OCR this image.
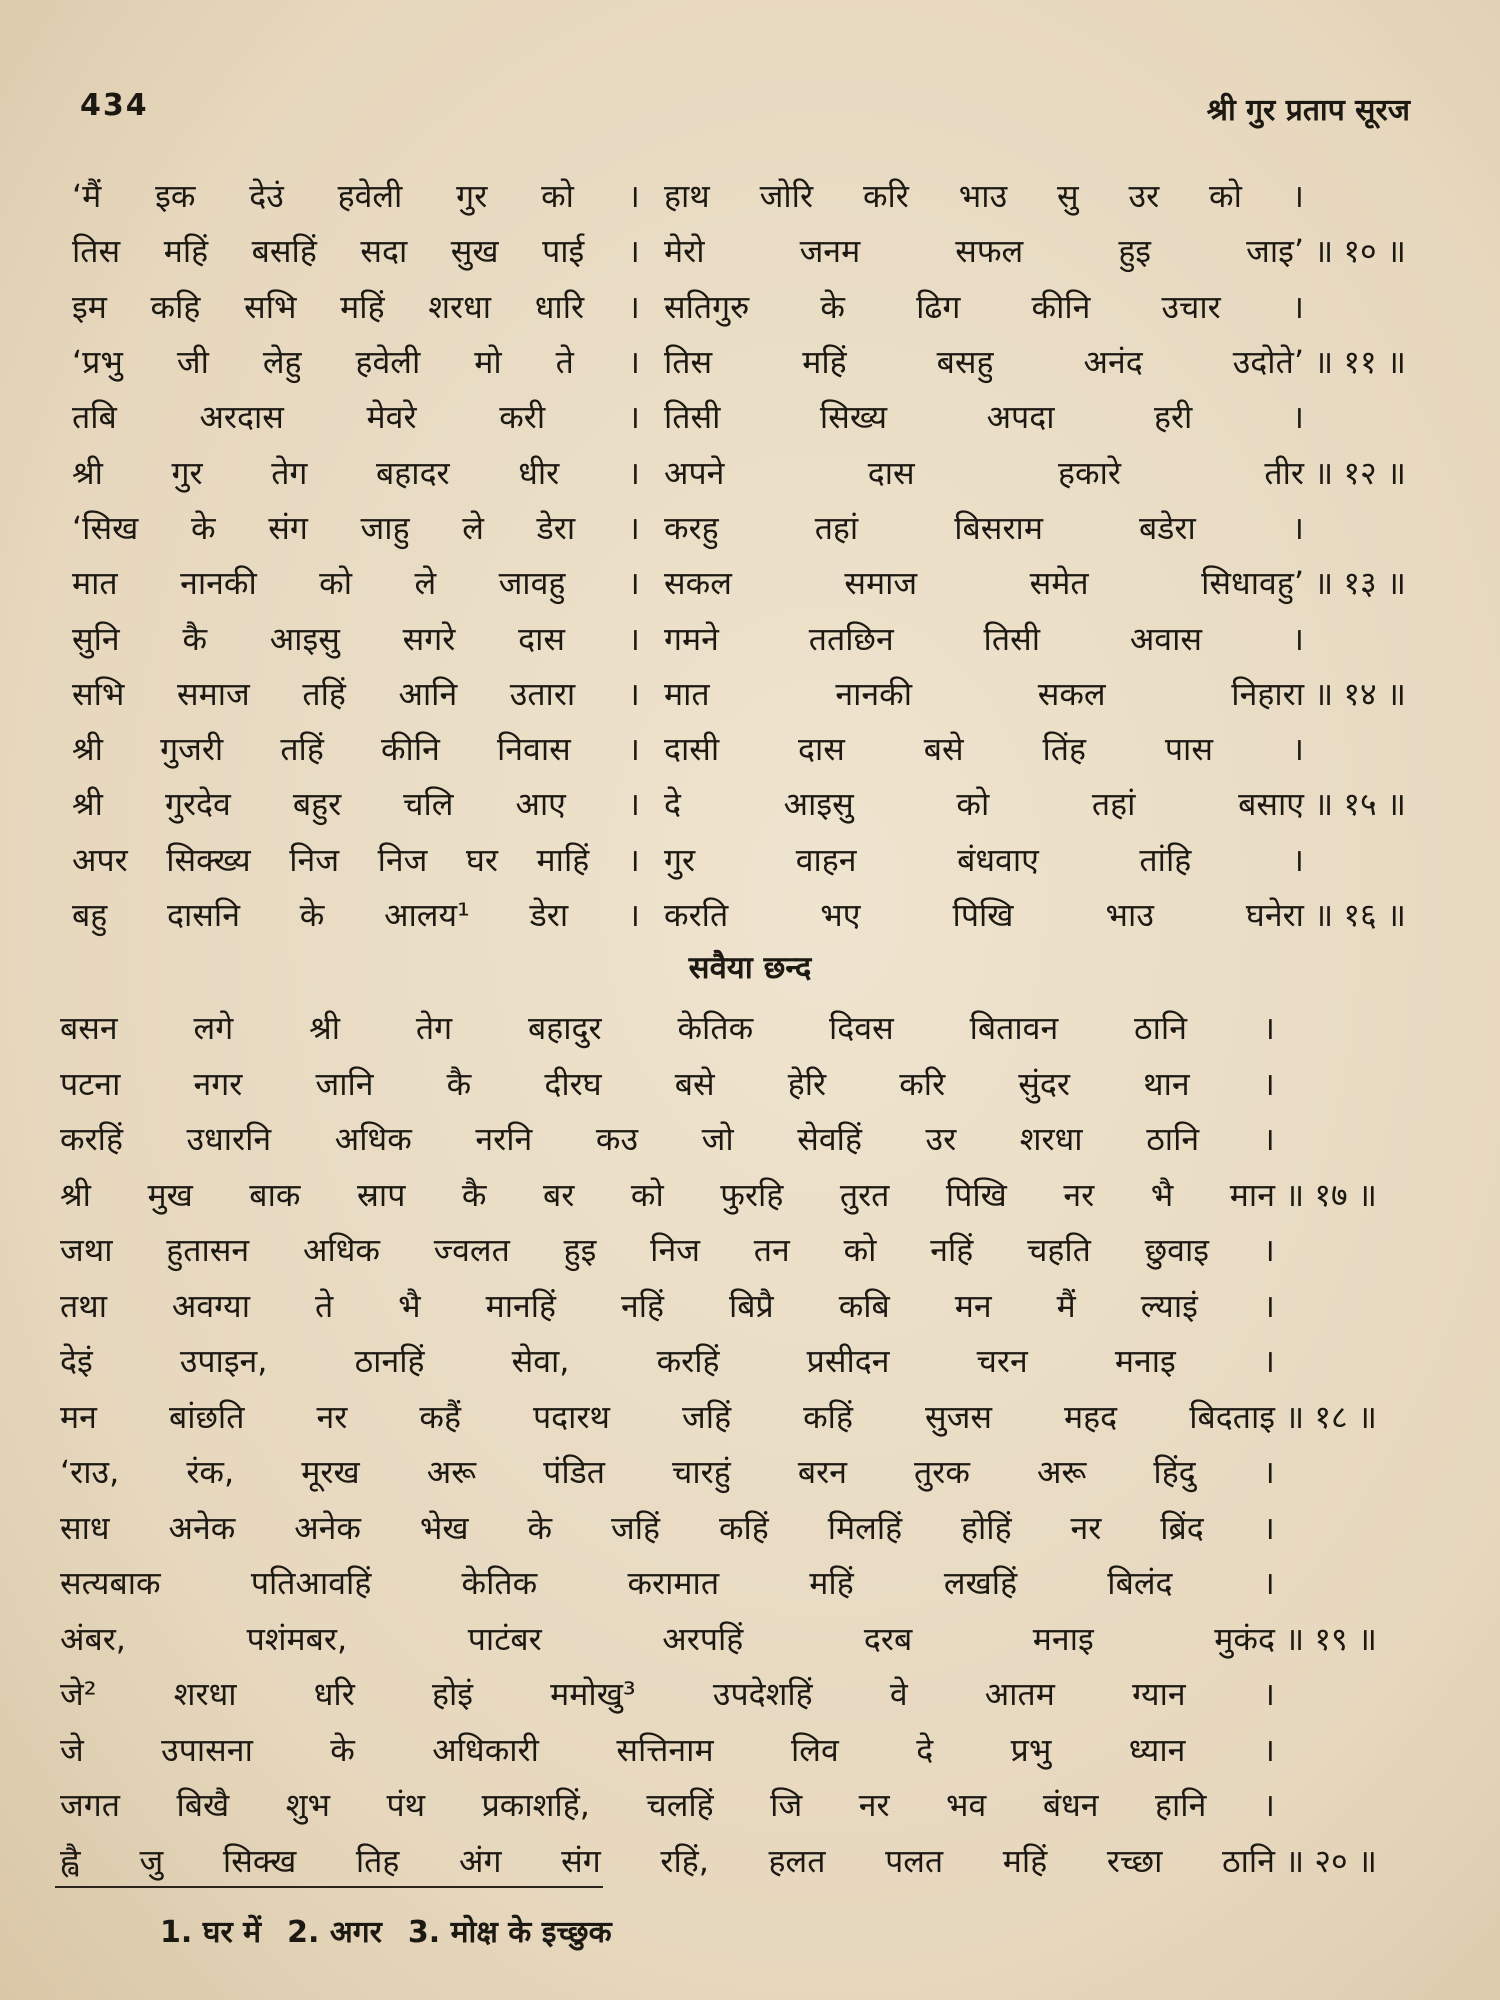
434	श्री गुर प्रताप सूरज
‘मैं इक देउं हवेली गुर को । हाथ जोरि करि भाउ सु उर को ।
तिस महिं बसहिं सदा सुख पाई । मेरो	जनम	सफल	हुइ	जाइ’ ॥ १० ॥
इम कहि सभि महिं शरधा धारि । सतिगुरु के ढिग कीनि उचार ।
‘प्रभु जी लेहु हवेली मो ते । तिस	महिं	बसहु	अनंद	उदोते’ ॥ ११ ॥
तबि	अरदास	मेवरे	करी	। तिसी	सिख्य	अपदा	हरी	।
श्री गुर तेग बहादर धीर । अपने	दास	हकारे	तीर ॥ १२ ॥
‘सिख के संग जाहु ले डेरा । करहु	तहां	बिसराम	बडेरा	।
मात नानकी को ले जावहु । सकल	समाज	समेत	सिधावहु’ ॥ १३ ॥
सुनि कै आइसु सगरे दास । गमने	ततछिन	तिसी	अवास	।
सभि समाज तहिं आनि उतारा । मात	नानकी	सकल	निहारा ॥ १४ ॥
श्री गुजरी तहिं कीनि निवास । दासी दास बसे तिंह पास ।
श्री गुरदेव बहुर चलि आए । दे	आइसु	को	तहां	बसाए ॥ १५ ॥
अपर सिक्ख्य निज निज घर माहिं । गुर	वाहन	बंधवाए	तांहि	।
बहु दासनि के आलय¹ डेरा । करति	भए	पिखि	भाउ	घनेरा ॥ १६ ॥
सवैया छन्द
बसन लगे श्री तेग बहादुर केतिक दिवस बितावन ठानि ।
पटना नगर जानि कै दीरघ बसे हेरि करि सुंदर थान ।
करहिं उधारनि अधिक नरनि कउ जो सेवहिं उर शरधा ठानि ।
श्री मुख बाक स्राप कै बर को फुरहि तुरत पिखि नर भै मान ॥ १७ ॥
जथा हुतासन अधिक ज्वलत हुइ निज तन को नहिं चहति छुवाइ ।
तथा अवग्या ते भै मानहिं नहिं बिप्रै कबि मन मैं ल्याइं ।
देइं	उपाइन,	ठानहिं	सेवा,	करहिं	प्रसीदन	चरन	मनाइ	।
मन बांछति नर कहैं पदारथ जहिं कहिं सुजस महद बिदताइ ॥ १८ ॥
‘राउ, रंक, मूरख अरू पंडित चारहुं बरन तुरक अरू हिंदु ।
साध अनेक अनेक भेख के जहिं कहिं मिलहिं होहिं नर ब्रिंद ।
सत्यबाक	पतिआवहिं	केतिक	करामात	महिं	लखहिं	बिलंद	।
अंबर,	पशंमबर,	पाटंबर	अरपहिं	दरब	मनाइ	मुकंद ॥ १९ ॥
जे² शरधा धरि होइं ममोखु³ उपदेशहिं वे आतम ग्यान ।
जे उपासना के अधिकारी सत्तिनाम लिव दे प्रभु ध्यान ।
जगत बिखै शुभ पंथ प्रकाशहिं, चलहिं जि नर भव बंधन हानि ।
ह्वै जु सिक्ख तिह अंग संग रहिं, हलत पलत महिं रच्छा ठानि ॥ २० ॥
1. घर में 2. अगर 3. मोक्ष के इच्छुक
